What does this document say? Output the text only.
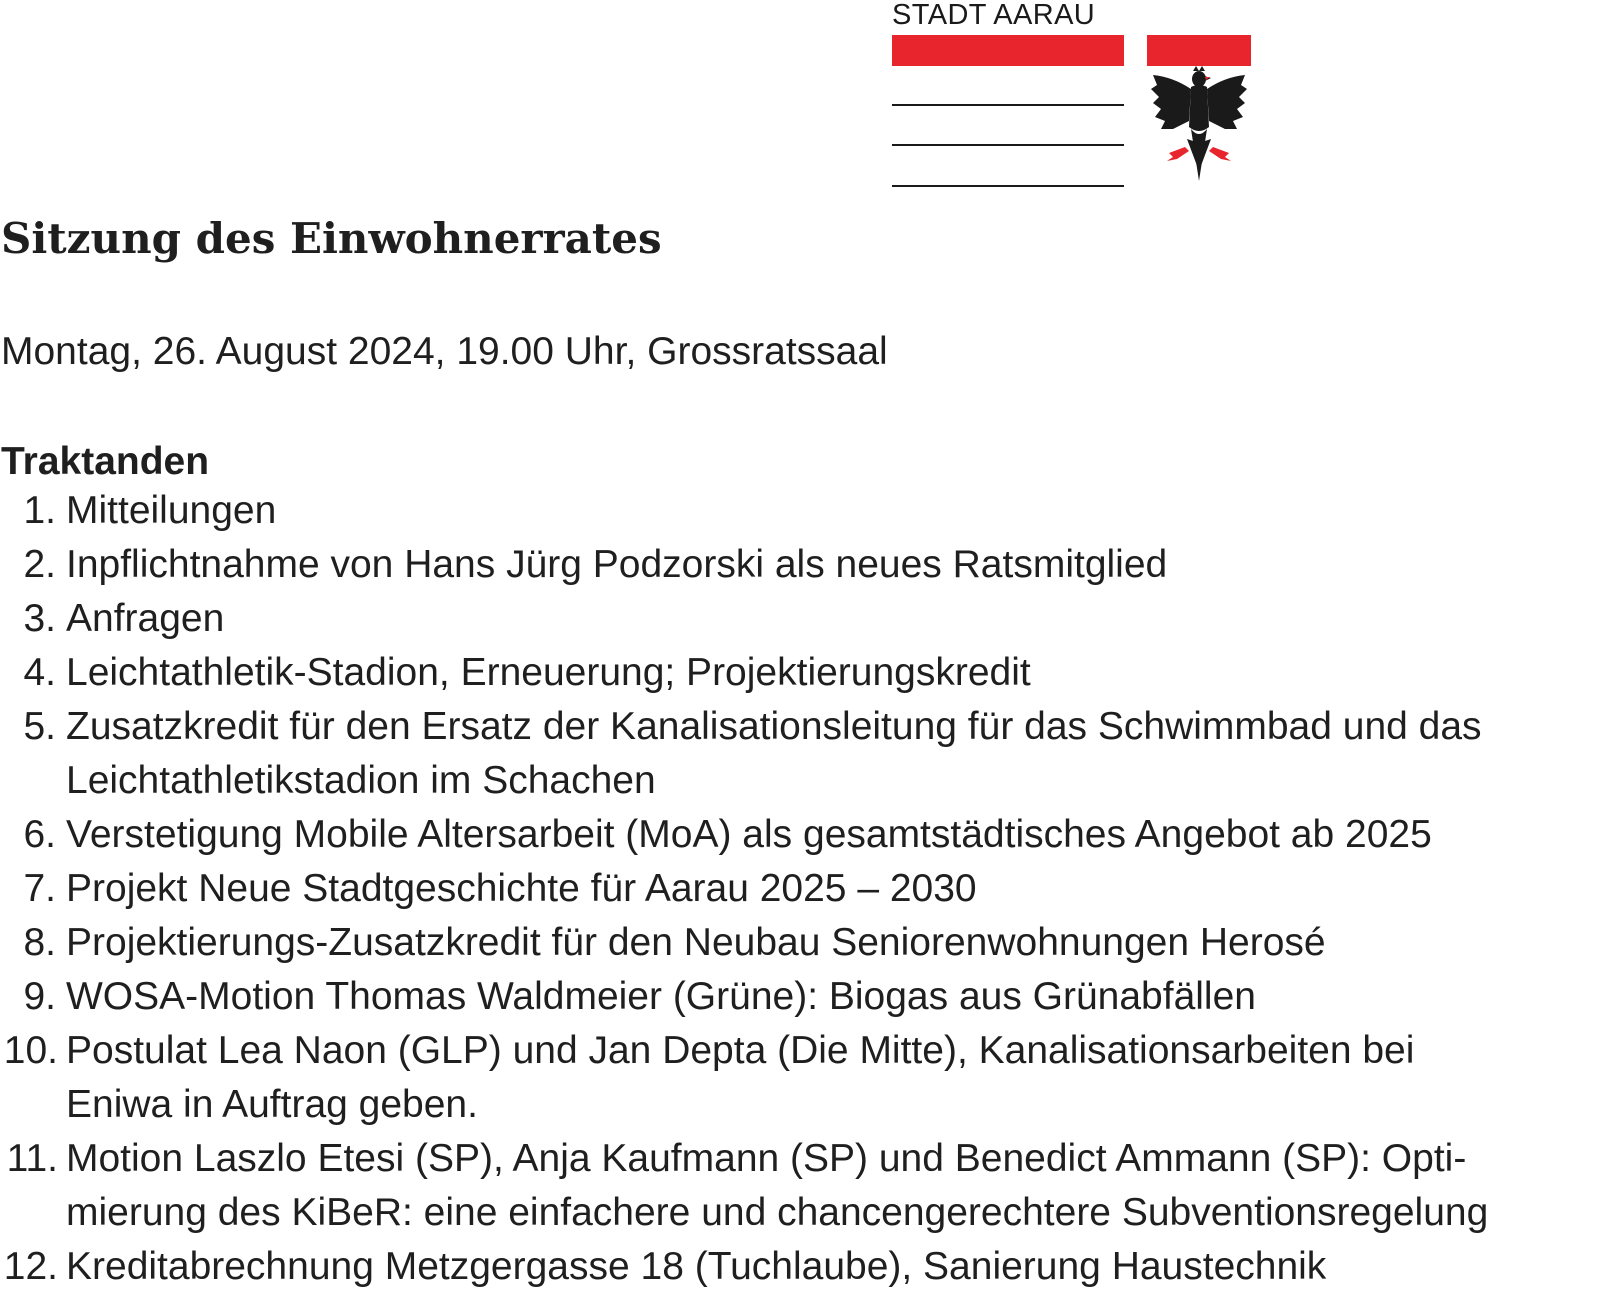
STADT AARAU
Sitzung des Einwohnerrates

Montag, 26. August 2024, 19.00 Uhr, Grossratssaal

Traktanden
1. Mitteilungen
2. Inpflichtnahme von Hans Jürg Podzorski als neues Ratsmitglied
3. Anfragen
4. Leichtathletik-Stadion, Erneuerung; Projektierungskredit
5. Zusatzkredit für den Ersatz der Kanalisationsleitung für das Schwimmbad und das
Leichtathletikstadion im Schachen
6. Verstetigung Mobile Altersarbeit (MoA) als gesamtstädtisches Angebot ab 2025
7. Projekt Neue Stadtgeschichte für Aarau 2025 – 2030
8. Projektierungs-Zusatzkredit für den Neubau Seniorenwohnungen Herosé
9. WOSA-Motion Thomas Waldmeier (Grüne): Biogas aus Grünabfällen
10. Postulat Lea Naon (GLP) und Jan Depta (Die Mitte), Kanalisationsarbeiten bei
Eniwa in Auftrag geben.
11. Motion Laszlo Etesi (SP), Anja Kaufmann (SP) und Benedict Ammann (SP): Opti-
mierung des KiBeR: eine einfachere und chancengerechtere Subventionsregelung
12. Kreditabrechnung Metzgergasse 18 (Tuchlaube), Sanierung Haustechnik
